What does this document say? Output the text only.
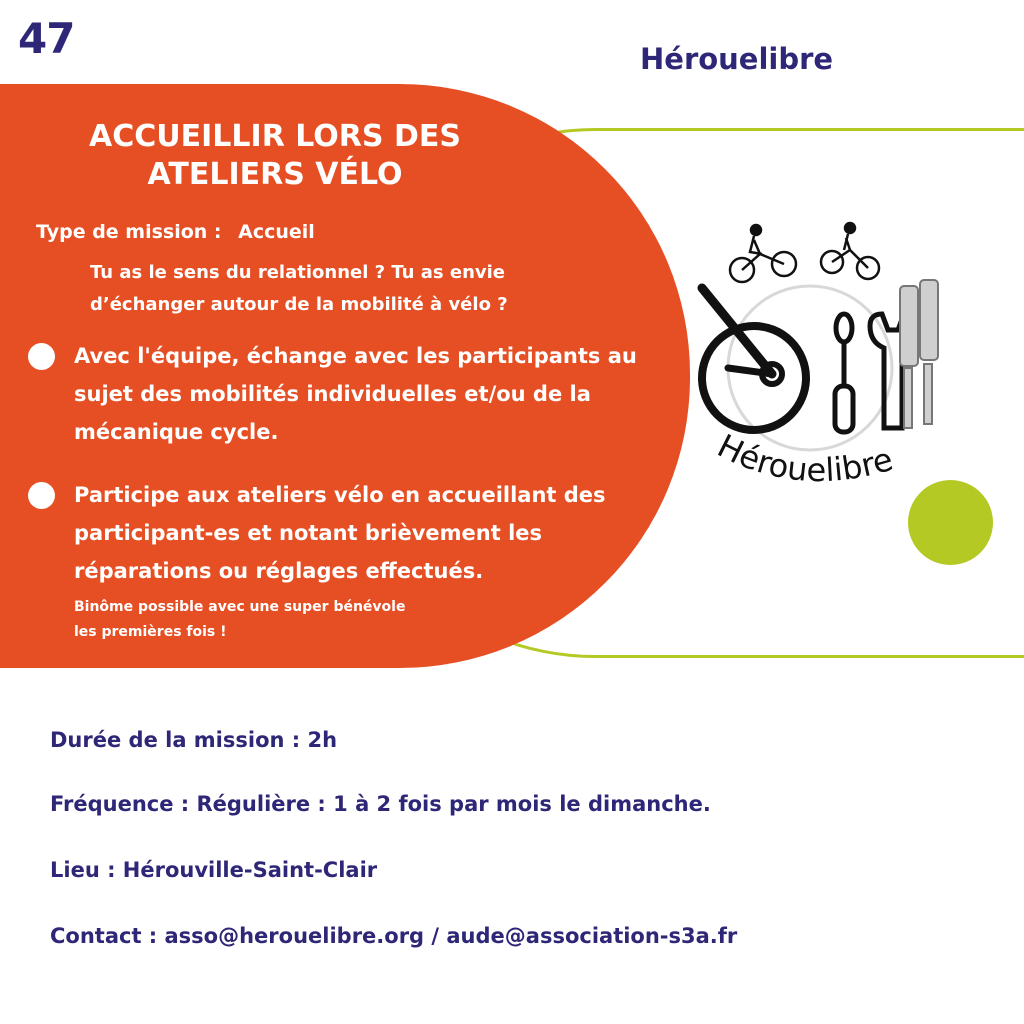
47	Hérouelibre
ACCUEILLIR LORS DES
ATELIERS VÉLO
Type de mission : Accueil
Tu as le sens du relationnel ? Tu as envie
d’échanger autour de la mobilité à vélo ?
Avec l'équipe, échange avec les participants au sujet des mobilités individuelles et/ou de la mécanique cycle.
Participe aux ateliers vélo en accueillant des participant-es et notant brièvement les réparations ou réglages effectués.
Binôme possible avec une super bénévole
les premières fois !
Hérouelibre
Durée de la mission : 2h
Fréquence : Régulière : 1 à 2 fois par mois le dimanche.
Lieu : Hérouville-Saint-Clair
Contact : asso@herouelibre.org / aude@association-s3a.fr
